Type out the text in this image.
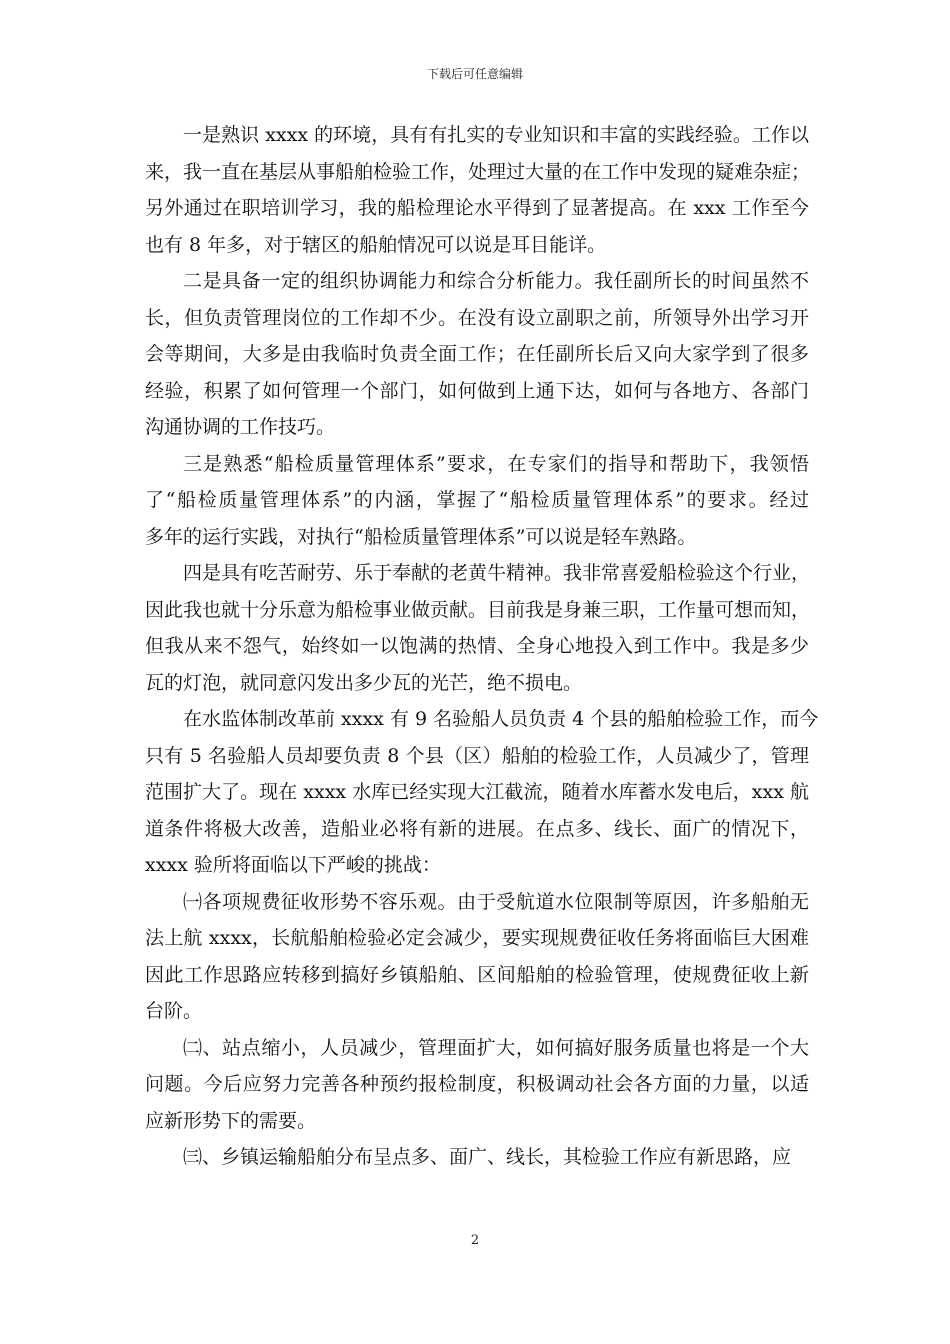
下载后可任意编辑
一是熟识 xxxx 的环境，具有有扎实的专业知识和丰富的实践经验。工作以
来，我一直在基层从事船舶检验工作，处理过大量的在工作中发现的疑难杂症；
另外通过在职培训学习，我的船检理论水平得到了显著提高。在 xxx 工作至今
也有 8 年多，对于辖区的船舶情况可以说是耳目能详。
二是具备一定的组织协调能力和综合分析能力。我任副所长的时间虽然不
长，但负责管理岗位的工作却不少。在没有设立副职之前，所领导外出学习开
会等期间，大多是由我临时负责全面工作；在任副所长后又向大家学到了很多
经验，积累了如何管理一个部门，如何做到上通下达，如何与各地方、各部门
沟通协调的工作技巧。
三是熟悉“船检质量管理体系”要求，在专家们的指导和帮助下，我领悟
了“船检质量管理体系”的内涵，掌握了“船检质量管理体系”的要求。经过
多年的运行实践，对执行“船检质量管理体系”可以说是轻车熟路。
四是具有吃苦耐劳、乐于奉献的老黄牛精神。我非常喜爱船检验这个行业，
因此我也就十分乐意为船检事业做贡献。目前我是身兼三职，工作量可想而知，
但我从来不怨气，始终如一以饱满的热情、全身心地投入到工作中。我是多少
瓦的灯泡，就同意闪发出多少瓦的光芒，绝不损电。
在水监体制改革前 xxxx 有 9 名验船人员负责 4 个县的船舶检验工作，而今
只有 5 名验船人员却要负责 8 个县（区）船舶的检验工作，人员减少了，管理
范围扩大了。现在 xxxx 水库已经实现大江截流，随着水库蓄水发电后，xxx 航
道条件将极大改善，造船业必将有新的进展。在点多、线长、面广的情况下，
xxxx 验所将面临以下严峻的挑战：
㈠各项规费征收形势不容乐观。由于受航道水位限制等原因，许多船舶无
法上航 xxxx，长航船舶检验必定会减少，要实现规费征收任务将面临巨大困难
因此工作思路应转移到搞好乡镇船舶、区间船舶的检验管理，使规费征收上新
台阶。
㈡、站点缩小，人员减少，管理面扩大，如何搞好服务质量也将是一个大
问题。今后应努力完善各种预约报检制度，积极调动社会各方面的力量，以适
应新形势下的需要。
㈢、乡镇运输船舶分布呈点多、面广、线长，其检验工作应有新思路，应
2
